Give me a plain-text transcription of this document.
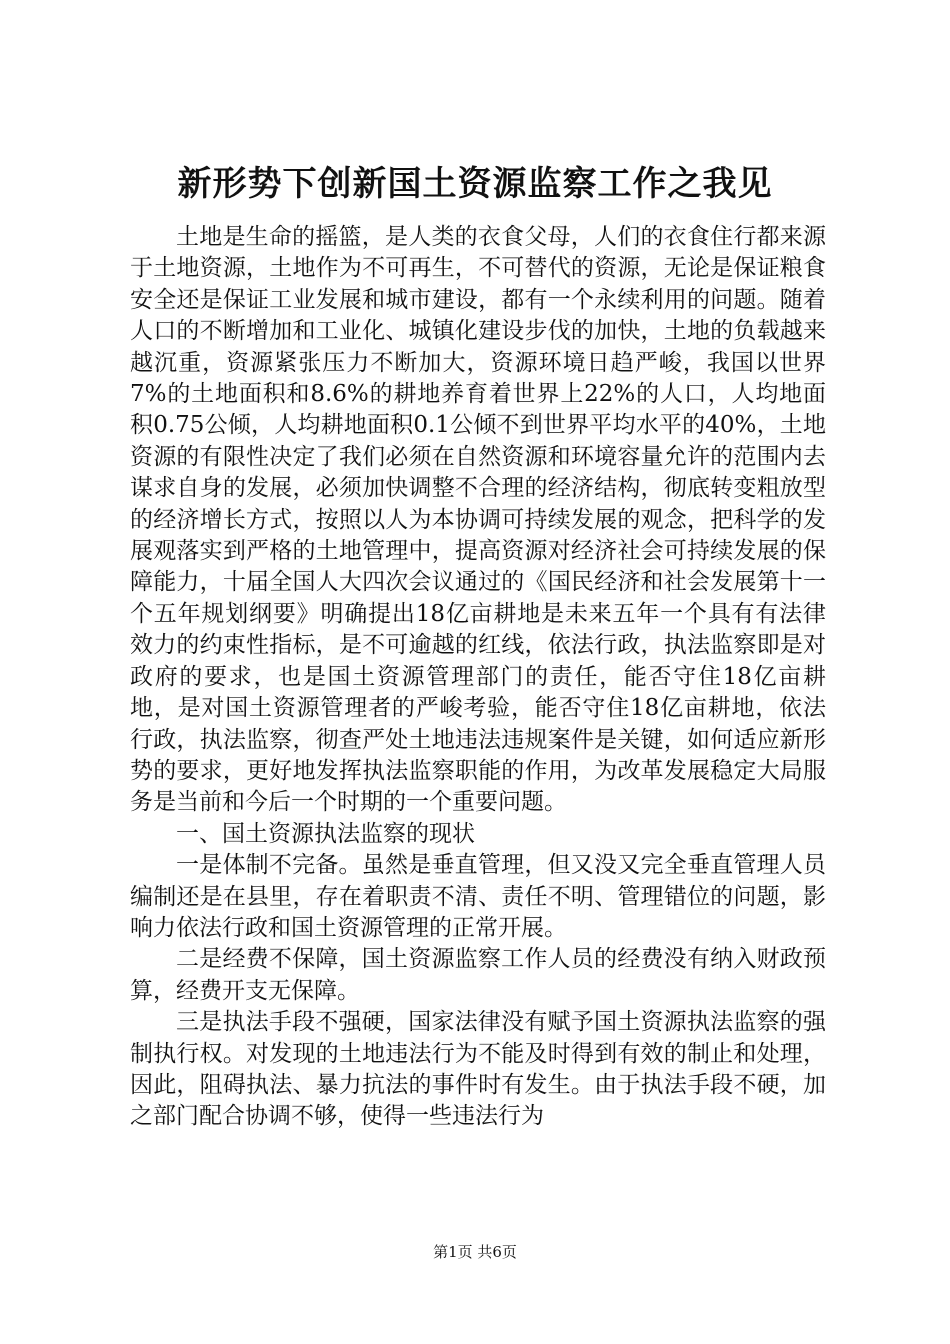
新形势下创新国土资源监察工作之我见

土地是生命的摇篮，是人类的衣食父母，人们的衣食住行都来源于土地资源，土地作为不可再生，不可替代的资源，无论是保证粮食安全还是保证工业发展和城市建设，都有一个永续利用的问题。随着人口的不断增加和工业化、城镇化建设步伐的加快，土地的负载越来越沉重，资源紧张压力不断加大，资源环境日趋严峻，我国以世界7%的土地面积和8.6%的耕地养育着世界上22%的人口，人均地面积0.75公倾，人均耕地面积0.1公倾不到世界平均水平的40%，土地资源的有限性决定了我们必须在自然资源和环境容量允许的范围内去谋求自身的发展，必须加快调整不合理的经济结构，彻底转变粗放型的经济增长方式，按照以人为本协调可持续发展的观念，把科学的发展观落实到严格的土地管理中，提高资源对经济社会可持续发展的保障能力，十届全国人大四次会议通过的《国民经济和社会发展第十一个五年规划纲要》明确提出18亿亩耕地是未来五年一个具有有法律效力的约束性指标，是不可逾越的红线，依法行政，执法监察即是对政府的要求，也是国土资源管理部门的责任，能否守住18亿亩耕地，是对国土资源管理者的严峻考验，能否守住18亿亩耕地，依法行政，执法监察，彻查严处土地违法违规案件是关键，如何适应新形势的要求，更好地发挥执法监察职能的作用，为改革发展稳定大局服务是当前和今后一个时期的一个重要问题。

一、国土资源执法监察的现状

一是体制不完备。虽然是垂直管理，但又没又完全垂直管理人员编制还是在县里，存在着职责不清、责任不明、管理错位的问题，影响力依法行政和国土资源管理的正常开展。

二是经费不保障，国土资源监察工作人员的经费没有纳入财政预算，经费开支无保障。

三是执法手段不强硬，国家法律没有赋予国土资源执法监察的强制执行权。对发现的土地违法行为不能及时得到有效的制止和处理，因此，阻碍执法、暴力抗法的事件时有发生。由于执法手段不硬，加之部门配合协调不够，使得一些违法行为

第1页 共6页
